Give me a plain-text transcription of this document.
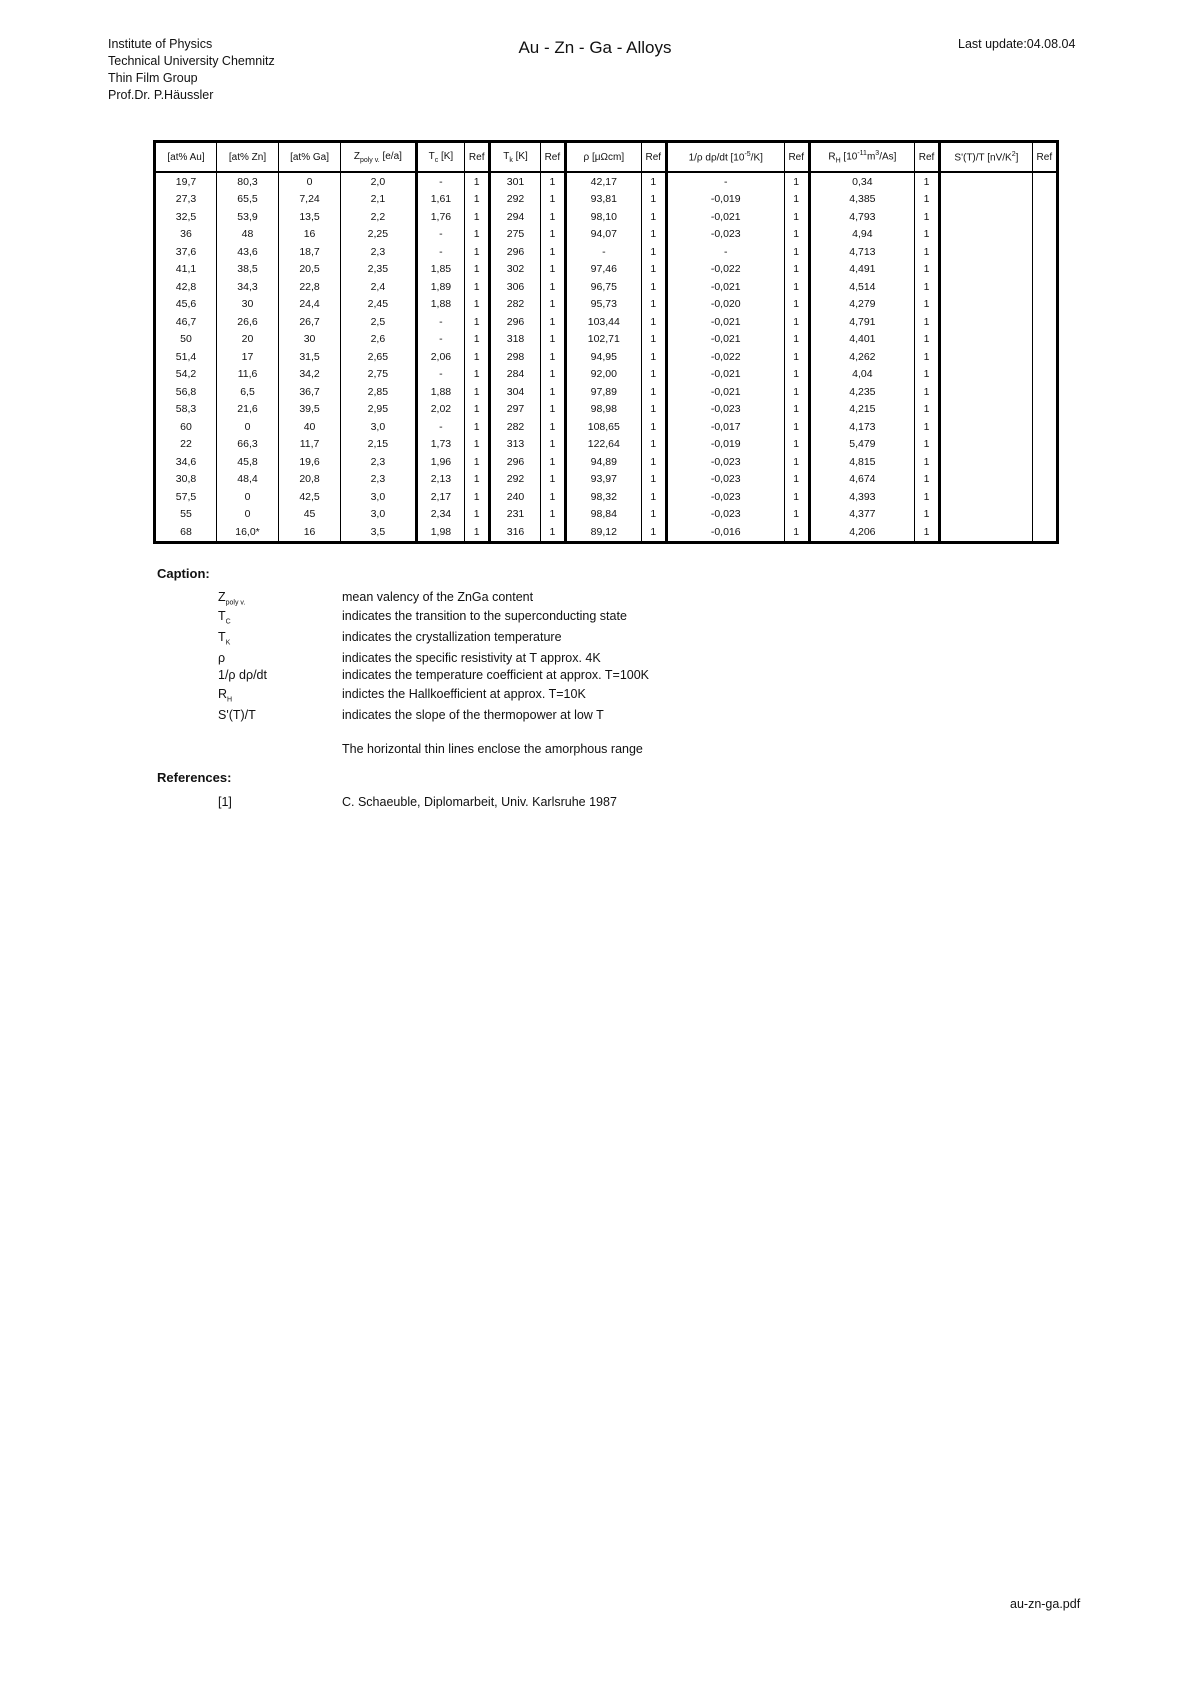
Institute of Physics
Technical University Chemnitz
Thin Film Group
Prof.Dr. P.Häussler
Au - Zn - Ga - Alloys	Last update:04.08.04
[at% Au]	[at% Zn]	[at% Ga]	$Z_{poly v.}$ [e/a]	$T_c$ [K]	Ref	$T_k$ [K]	Ref	ρ [μΩcm]	Ref	1/ρ dρ/dt $[10^{-5}/K]$	Ref	$R_H$ $[10^{-11}m^3/As]$	Ref	S'(T)/T $[nV/K^2]$	Ref
19,7	80,3	0	2,0	-	1	301	1	42,17	1	-	1	0,34	1		
27,3	65,5	7,24	2,1	1,61	1	292	1	93,81	1	-0,019	1	4,385	1		
32,5	53,9	13,5	2,2	1,76	1	294	1	98,10	1	-0,021	1	4,793	1		
36	48	16	2,25	-	1	275	1	94,07	1	-0,023	1	4,94	1		
37,6	43,6	18,7	2,3	-	1	296	1	-	1	-	1	4,713	1		
41,1	38,5	20,5	2,35	1,85	1	302	1	97,46	1	-0,022	1	4,491	1		
42,8	34,3	22,8	2,4	1,89	1	306	1	96,75	1	-0,021	1	4,514	1		
45,6	30	24,4	2,45	1,88	1	282	1	95,73	1	-0,020	1	4,279	1		
46,7	26,6	26,7	2,5	-	1	296	1	103,44	1	-0,021	1	4,791	1		
50	20	30	2,6	-	1	318	1	102,71	1	-0,021	1	4,401	1		
51,4	17	31,5	2,65	2,06	1	298	1	94,95	1	-0,022	1	4,262	1		
54,2	11,6	34,2	2,75	-	1	284	1	92,00	1	-0,021	1	4,04	1		
56,8	6,5	36,7	2,85	1,88	1	304	1	97,89	1	-0,021	1	4,235	1		
58,3	21,6	39,5	2,95	2,02	1	297	1	98,98	1	-0,023	1	4,215	1		
60	0	40	3,0	-	1	282	1	108,65	1	-0,017	1	4,173	1		
22	66,3	11,7	2,15	1,73	1	313	1	122,64	1	-0,019	1	5,479	1		
34,6	45,8	19,6	2,3	1,96	1	296	1	94,89	1	-0,023	1	4,815	1		
30,8	48,4	20,8	2,3	2,13	1	292	1	93,97	1	-0,023	1	4,674	1		
57,5	0	42,5	3,0	2,17	1	240	1	98,32	1	-0,023	1	4,393	1		
55	0	45	3,0	2,34	1	231	1	98,84	1	-0,023	1	4,377	1		
68	16,0*	16	3,5	1,98	1	316	1	89,12	1	-0,016	1	4,206	1		
Caption:
$Z_{poly v.}$	mean valency of the ZnGa content
$T_C$	indicates the transition to the superconducting state
$T_K$	indicates the crystallization temperature
ρ	indicates the specific resistivity at T approx. 4K
1/ρ dρ/dt	indicates the temperature coefficient at approx. T=100K
$R_H$	indictes the Hallkoefficient at approx. T=10K
S'(T)/T	indicates the slope of the thermopower at low T
The horizontal thin lines enclose the amorphous range
References:
[1]	C. Schaeuble, Diplomarbeit, Univ. Karlsruhe 1987
au-zn-ga.pdf
